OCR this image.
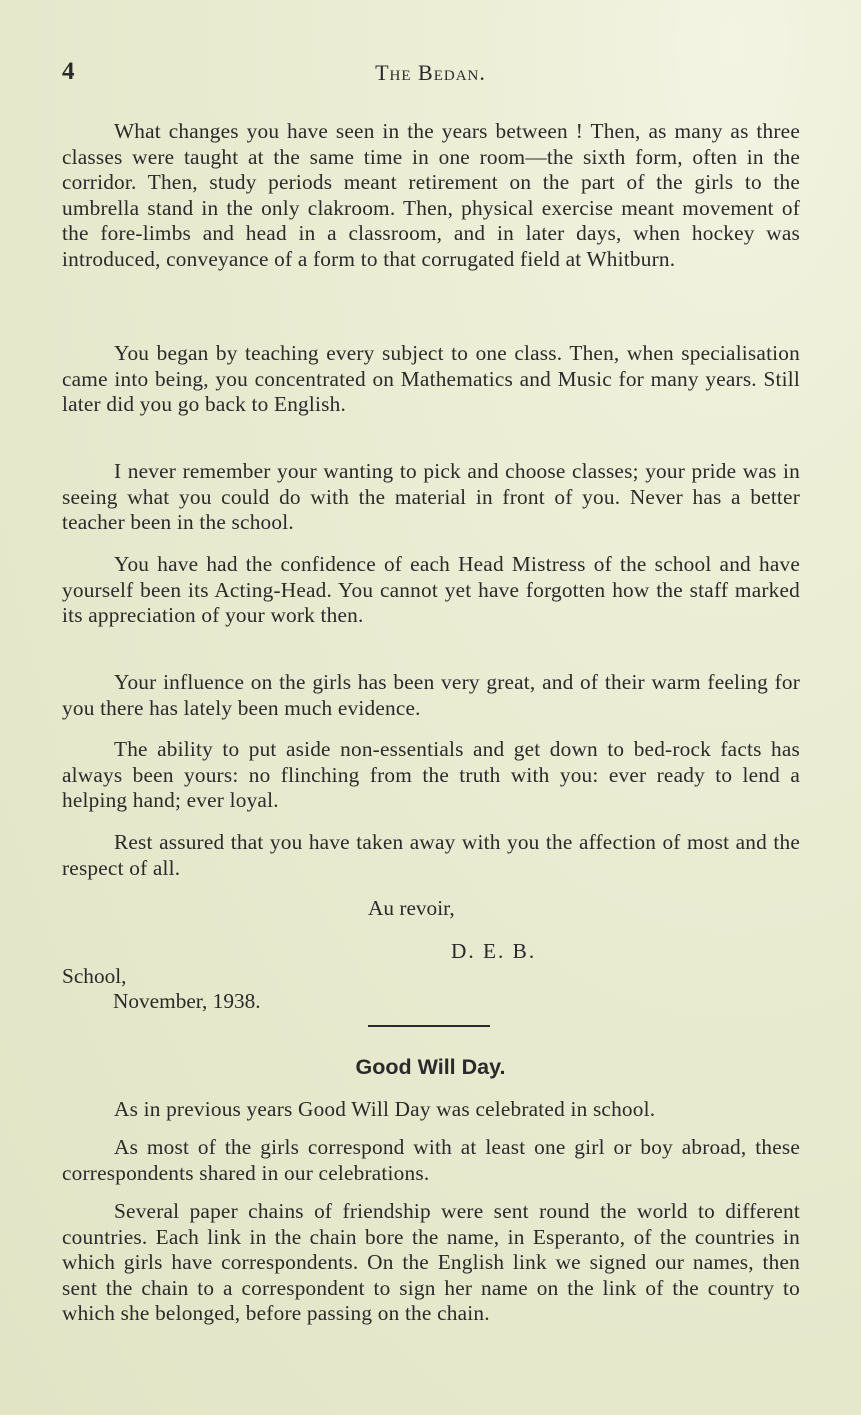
4	The Bedan.

What changes you have seen in the years between ! Then, as many as three classes were taught at the same time in one room—the sixth form, often in the corridor. Then, study periods meant retirement on the part of the girls to the umbrella stand in the only clakroom. Then, physical exercise meant movement of the fore-limbs and head in a classroom, and in later days, when hockey was introduced, conveyance of a form to that corrugated field at Whitburn.

You began by teaching every subject to one class. Then, when specialisation came into being, you concentrated on Mathematics and Music for many years. Still later did you go back to English.

I never remember your wanting to pick and choose classes; your pride was in seeing what you could do with the material in front of you. Never has a better teacher been in the school.

You have had the confidence of each Head Mistress of the school and have yourself been its Acting-Head. You cannot yet have forgotten how the staff marked its appreciation of your work then.

Your influence on the girls has been very great, and of their warm feeling for you there has lately been much evidence.

The ability to put aside non-essentials and get down to bed-rock facts has always been yours: no flinching from the truth with you: ever ready to lend a helping hand; ever loyal.

Rest assured that you have taken away with you the affection of most and the respect of all.

Au revoir,
D. E. B.
School,
November, 1938.
Good Will Day.

As in previous years Good Will Day was celebrated in school.

As most of the girls correspond with at least one girl or boy abroad, these correspondents shared in our celebrations.

Several paper chains of friendship were sent round the world to different countries. Each link in the chain bore the name, in Esperanto, of the countries in which girls have correspondents. On the English link we signed our names, then sent the chain to a correspondent to sign her name on the link of the country to which she belonged, before passing on the chain.
